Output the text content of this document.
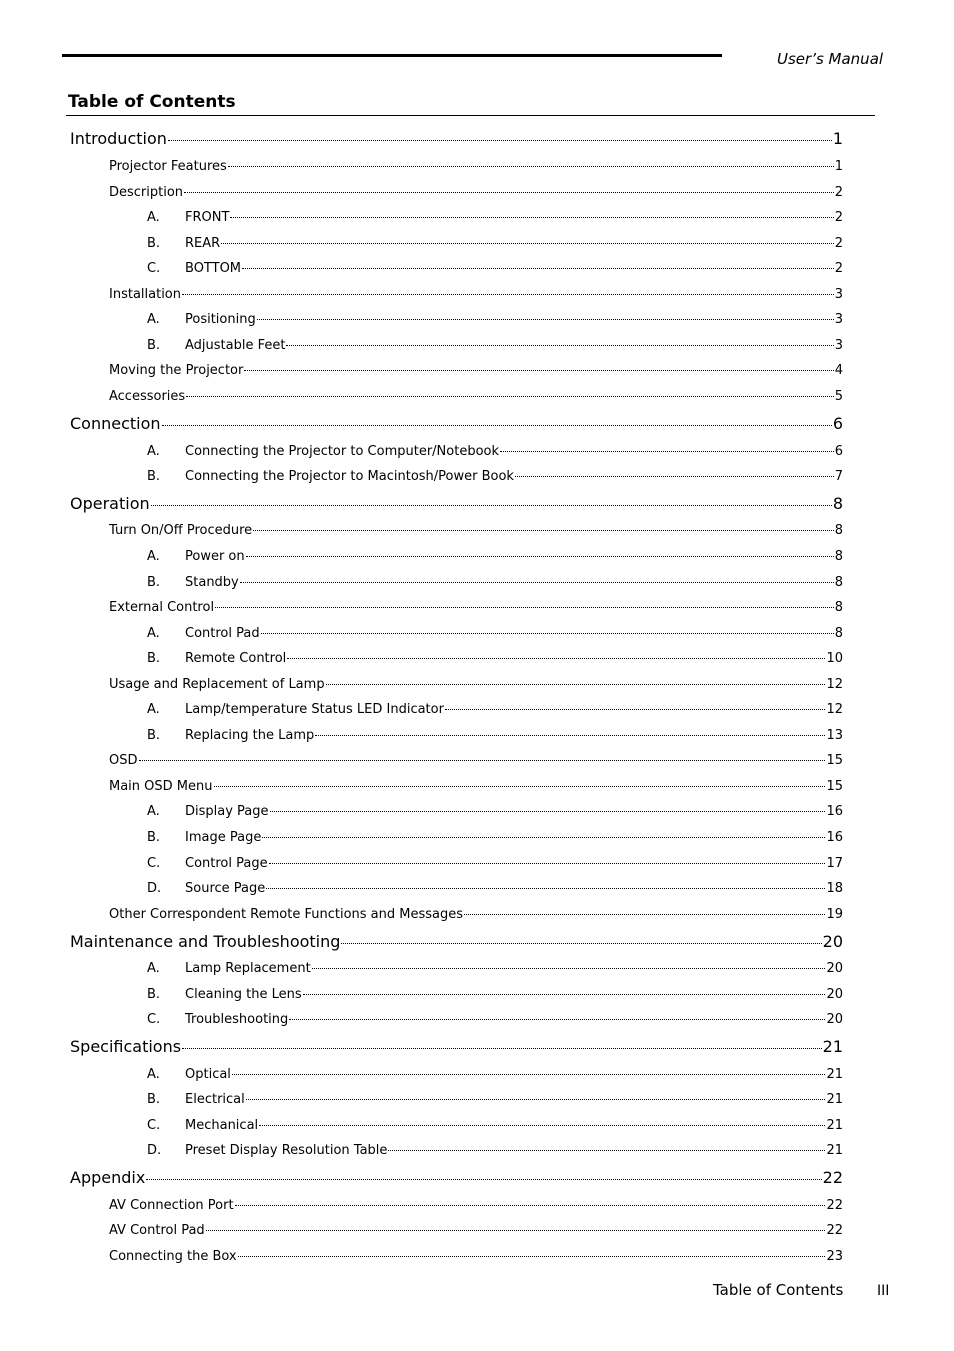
User’s Manual
Table of Contents
Introduction	1
Projector Features	1
Description	2
A.	FRONT	2
B.	REAR	2
C.	BOTTOM	2
Installation	3
A.	Positioning	3
B.	Adjustable Feet	3
Moving the Projector	4
Accessories	5
Connection	6
A.	Connecting the Projector to Computer/Notebook	6
B.	Connecting the Projector to Macintosh/Power Book	7
Operation	8
Turn On/Off Procedure	8
A.	Power on	8
B.	Standby	8
External Control	8
A.	Control Pad	8
B.	Remote Control	10
Usage and Replacement of Lamp	12
A.	Lamp/temperature Status LED Indicator	12
B.	Replacing the Lamp	13
OSD	15
Main OSD Menu	15
A.	Display Page	16
B.	Image Page	16
C.	Control Page	17
D.	Source Page	18
Other Correspondent Remote Functions and Messages	19
Maintenance and Troubleshooting	20
A.	Lamp Replacement	20
B.	Cleaning the Lens	20
C.	Troubleshooting	20
Specifications	21
A.	Optical	21
B.	Electrical	21
C.	Mechanical	21
D.	Preset Display Resolution Table	21
Appendix	22
AV Connection Port	22
AV Control Pad	22
Connecting the Box	23
Table of Contents III
